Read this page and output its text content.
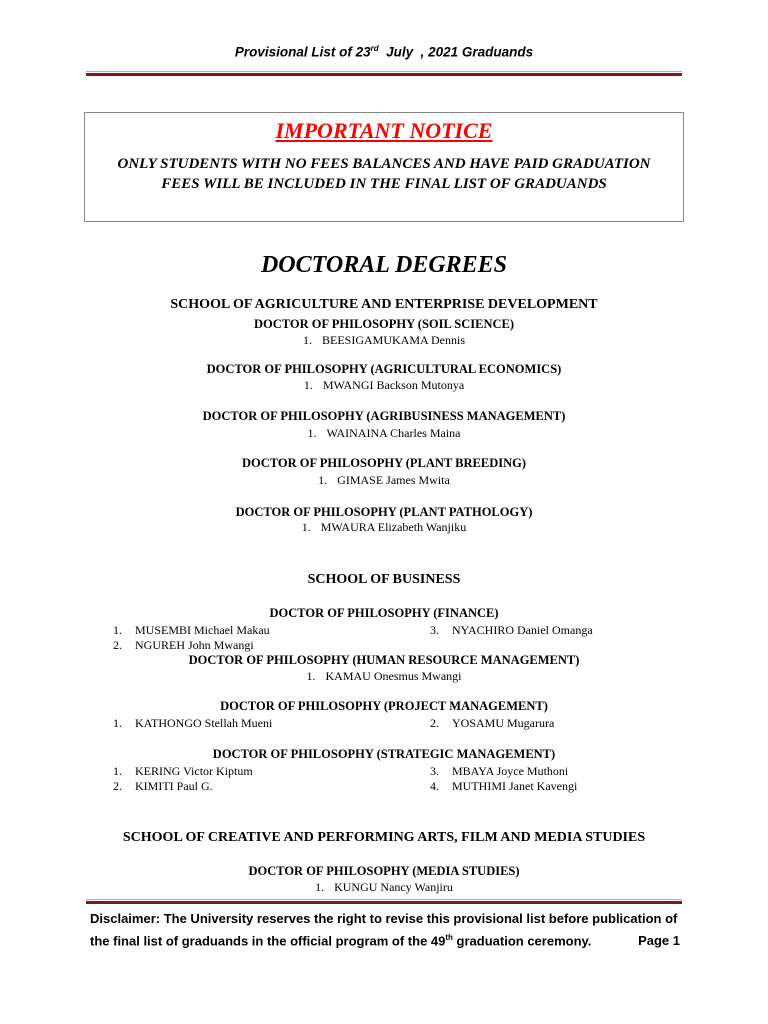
Provisional List of 23rd  July  , 2021 Graduands
IMPORTANT NOTICE
ONLY STUDENTS WITH NO FEES BALANCES AND HAVE PAID GRADUATION FEES WILL BE INCLUDED IN THE FINAL LIST OF GRADUANDS
DOCTORAL DEGREES
SCHOOL OF AGRICULTURE AND ENTERPRISE DEVELOPMENT
DOCTOR OF PHILOSOPHY (SOIL SCIENCE)
1. BEESIGAMUKAMA Dennis
DOCTOR OF PHILOSOPHY (AGRICULTURAL ECONOMICS)
1. MWANGI Backson Mutonya
DOCTOR OF PHILOSOPHY (AGRIBUSINESS MANAGEMENT)
1. WAINAINA Charles Maina
DOCTOR OF PHILOSOPHY (PLANT BREEDING)
1. GIMASE James Mwita
DOCTOR OF PHILOSOPHY (PLANT PATHOLOGY)
1. MWAURA Elizabeth Wanjiku
SCHOOL OF BUSINESS
DOCTOR OF PHILOSOPHY (FINANCE)
1. MUSEMBI Michael Makau	3. NYACHIRO Daniel Omanga
2. NGUREH John Mwangi
DOCTOR OF PHILOSOPHY (HUMAN RESOURCE MANAGEMENT)
1. KAMAU Onesmus Mwangi
DOCTOR OF PHILOSOPHY (PROJECT MANAGEMENT)
1. KATHONGO Stellah Mueni	2. YOSAMU Mugarura
DOCTOR OF PHILOSOPHY (STRATEGIC MANAGEMENT)
1. KERING Victor Kiptum	3. MBAYA Joyce Muthoni
2. KIMITI Paul G.	4. MUTHIMI Janet Kavengi
SCHOOL OF CREATIVE AND PERFORMING ARTS, FILM AND MEDIA STUDIES
DOCTOR OF PHILOSOPHY (MEDIA STUDIES)
1. KUNGU Nancy Wanjiru
Disclaimer: The University reserves the right to revise this provisional list before publication of the final list of graduands in the official program of the 49th graduation ceremony.	Page 1
